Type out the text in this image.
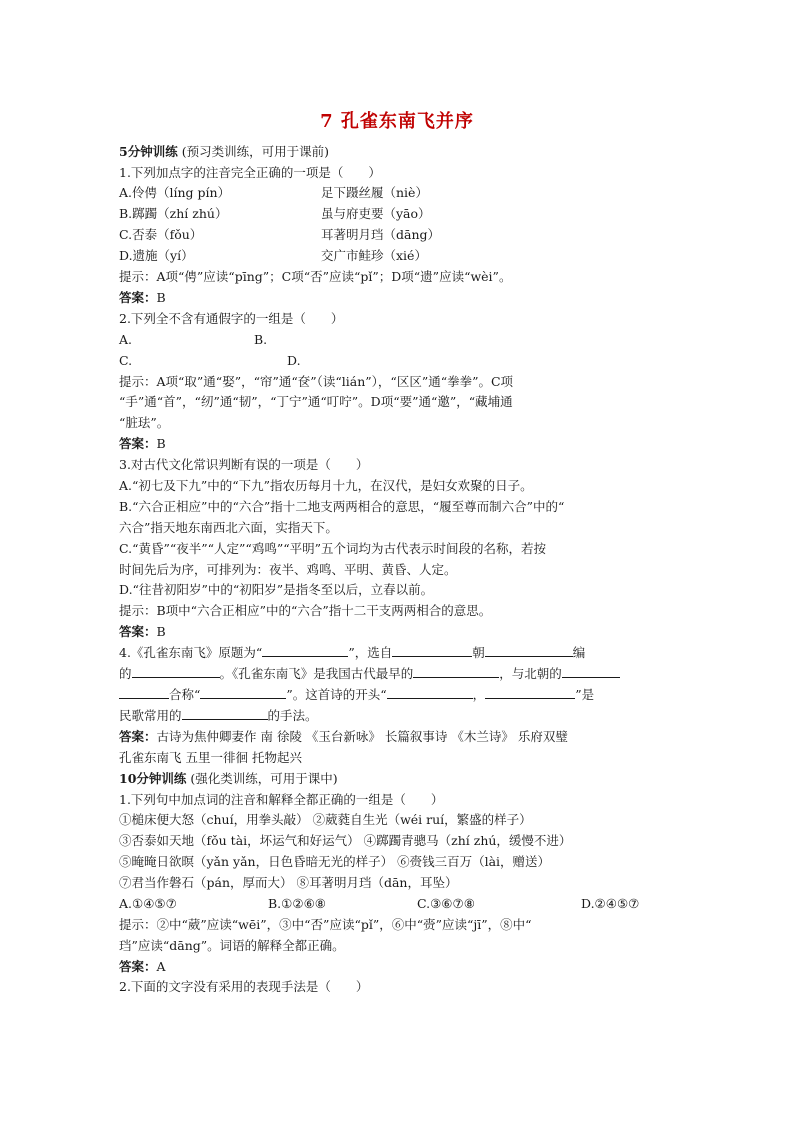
7 孔雀东南飞并序
5分钟训练 (预习类训练，可用于课前)
1.下列加点字的注音完全正确的一项是（　　）
A.伶俜（líng pín）	足下蹑丝履（niè）
B.踯躅（zhí zhú）	虽与府吏要（yāo）
C.否泰（fǒu）	耳著明月珰（dāng）
D.遗施（yí）	交广市鲑珍（xié）
提示：A项“俜”应读“pīng”；C项“否”应读“pǐ”；D项“遗”应读“wèi”。
答案：B
2.下列全不含有通假字的一组是（　　）
A.	B.
C.	D.
提示：A项“取”通“娶”，“帘”通“奁”（读“lián”），“区区”通“拳拳”。C项
“手”通“首”，“纫”通“韧”，“丁宁”通“叮咛”。D项“要”通“邀”，“藏埔通
“脏珐”。
答案：B
3.对古代文化常识判断有误的一项是（　　）
A.“初七及下九”中的“下九”指农历每月十九，在汉代，是妇女欢聚的日子。
B.“六合正相应”中的“六合”指十二地支两两相合的意思，“履至尊而制六合”中的“
六合”指天地东南西北六面，实指天下。
C.“黄昏”“夜半”“人定”“鸡鸣”“平明”五个词均为古代表示时间段的名称，若按
时间先后为序，可排列为：夜半、鸡鸣、平明、黄昏、人定。
D.“往昔初阳岁”中的“初阳岁”是指冬至以后，立春以前。
提示：B项中“六合正相应”中的“六合”指十二干支两两相合的意思。
答案：B
4.《孔雀东南飞》原题为“	”，选自	朝	编
的	。《孔雀东南飞》是我国古代最早的	，与北朝的
合称“	”。这首诗的开头“	，	”是
民歌常用的	的手法。
答案：古诗为焦仲卿妻作 南 徐陵 《玉台新咏》 长篇叙事诗 《木兰诗》 乐府双璧
孔雀东南飞 五里一徘徊 托物起兴
10分钟训练 (强化类训练，可用于课中)
1.下列句中加点词的注音和解释全都正确的一组是（　　）
①槌床便大怒（chuí，用拳头敲） ②葳蕤自生光（wéi ruí，繁盛的样子）
③否泰如天地（fǒu tài，坏运气和好运气） ④踯躅青骢马（zhí zhú，缓慢不进）
⑤晻晻日欲暝（yǎn yǎn，日色昏暗无光的样子） ⑥赍钱三百万（lài，赠送）
⑦君当作磐石（pán，厚而大） ⑧耳著明月珰（dān，耳坠）
A.①④⑤⑦	B.①②⑥⑧	C.③⑥⑦⑧	D.②④⑤⑦
提示：②中“葳”应读“wēi”，③中“否”应读“pǐ”，⑥中“赍”应读“jī”，⑧中“
珰”应读“dāng”。词语的解释全都正确。
答案：A
2.下面的文字没有采用的表现手法是（　　）
